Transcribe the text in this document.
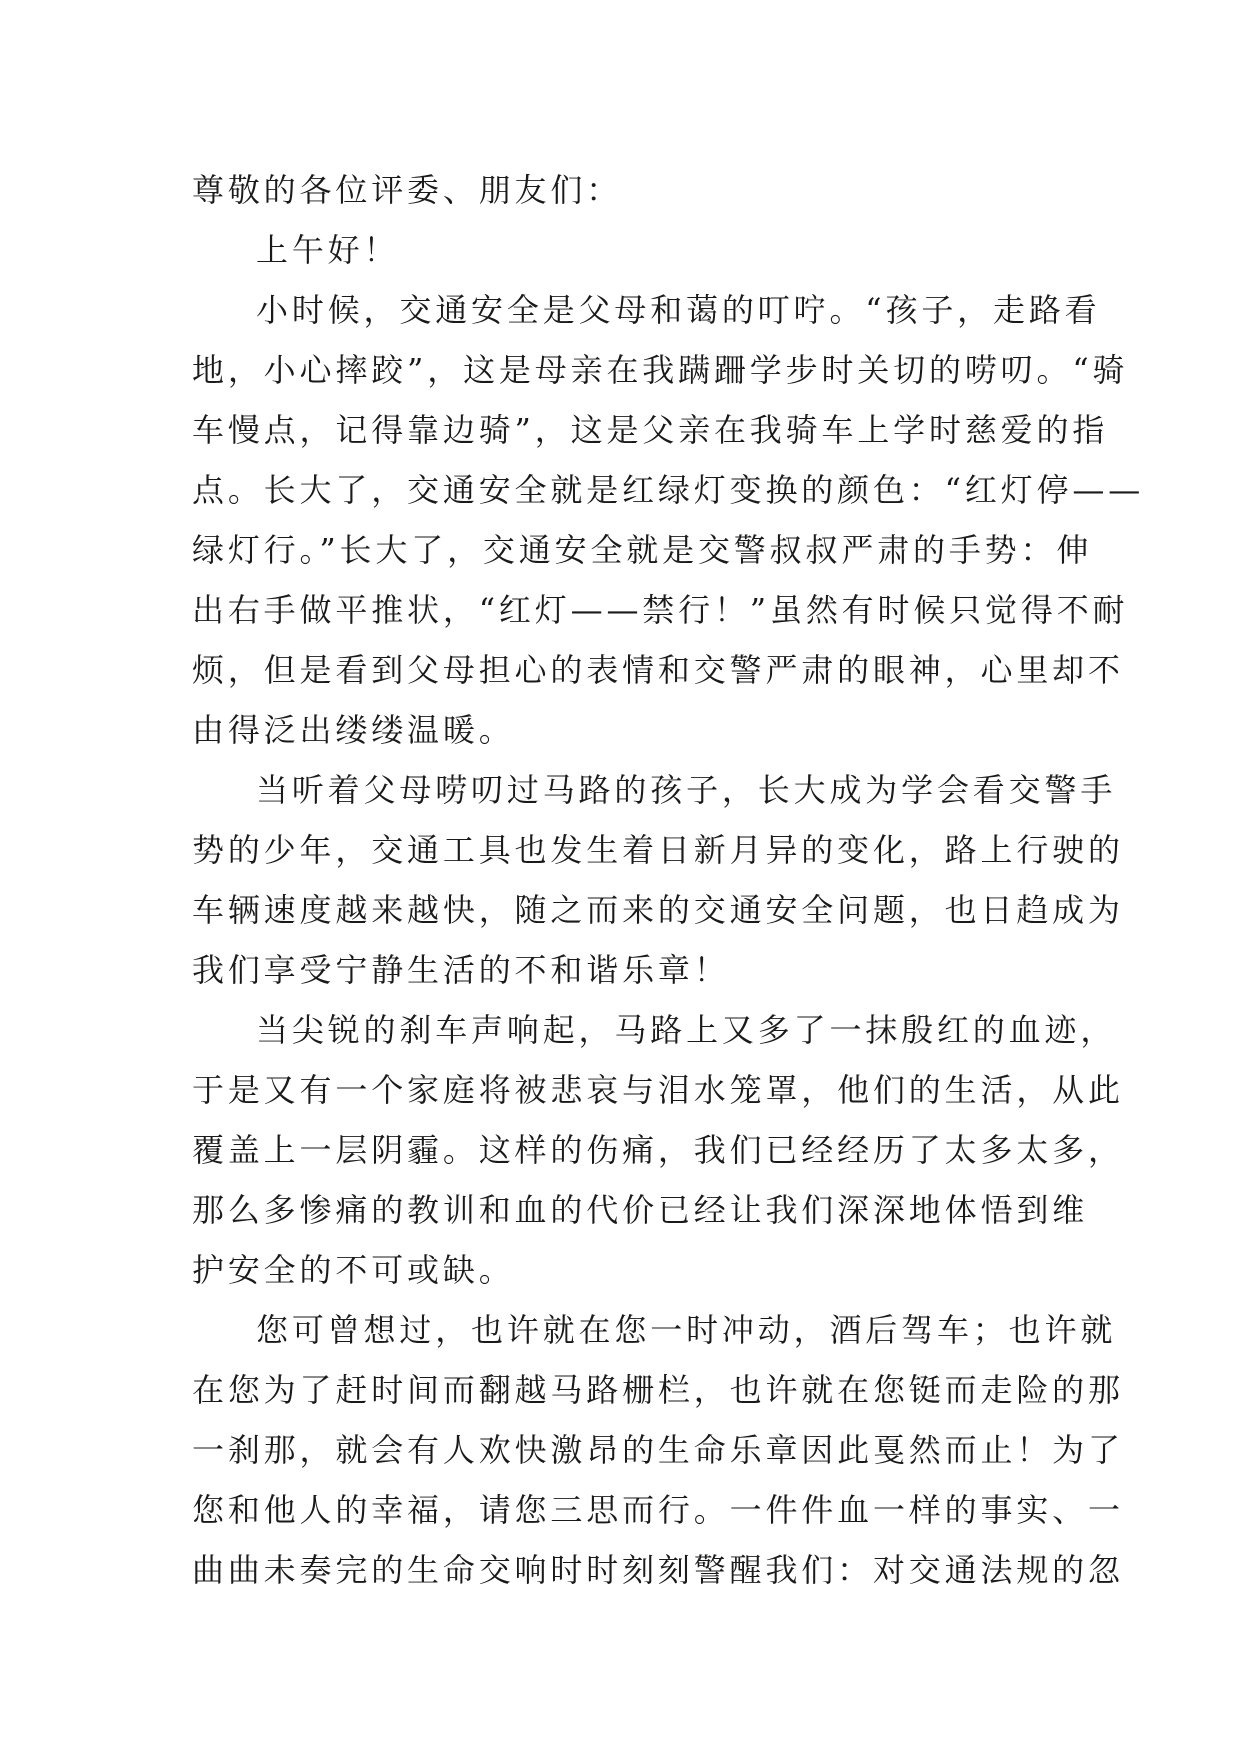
尊敬的各位评委、朋友们：
上午好！
小时候，交通安全是父母和蔼的叮咛。“孩子，走路看
地，小心摔跤”，这是母亲在我蹒跚学步时关切的唠叨。“骑
车慢点，记得靠边骑”，这是父亲在我骑车上学时慈爱的指
点。长大了，交通安全就是红绿灯变换的颜色：“红灯停——
绿灯行。”长大了，交通安全就是交警叔叔严肃的手势：伸
出右手做平推状，“红灯——禁行！”虽然有时候只觉得不耐
烦，但是看到父母担心的表情和交警严肃的眼神，心里却不
由得泛出缕缕温暖。
当听着父母唠叨过马路的孩子，长大成为学会看交警手
势的少年，交通工具也发生着日新月异的变化，路上行驶的
车辆速度越来越快，随之而来的交通安全问题，也日趋成为
我们享受宁静生活的不和谐乐章！
当尖锐的刹车声响起，马路上又多了一抹殷红的血迹，
于是又有一个家庭将被悲哀与泪水笼罩，他们的生活，从此
覆盖上一层阴霾。这样的伤痛，我们已经经历了太多太多，
那么多惨痛的教训和血的代价已经让我们深深地体悟到维
护安全的不可或缺。
您可曾想过，也许就在您一时冲动，酒后驾车；也许就
在您为了赶时间而翻越马路栅栏，也许就在您铤而走险的那
一刹那，就会有人欢快激昂的生命乐章因此戛然而止！为了
您和他人的幸福，请您三思而行。一件件血一样的事实、一
曲曲未奏完的生命交响时时刻刻警醒我们：对交通法规的忽
